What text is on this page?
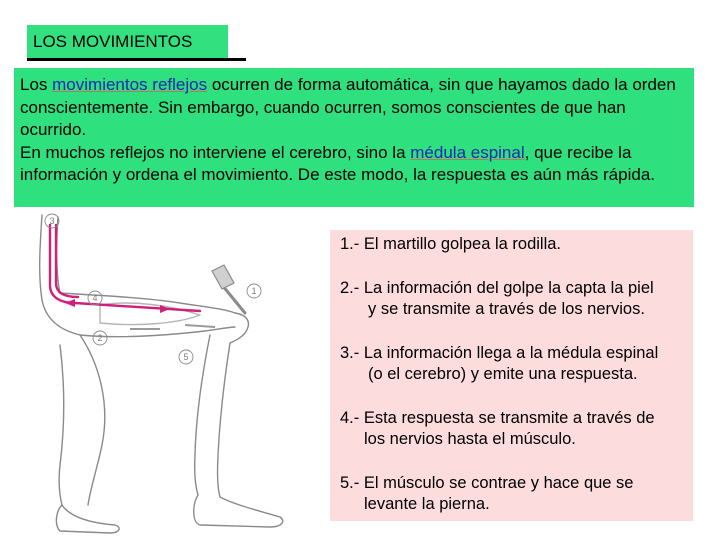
LOS MOVIMIENTOS
Los movimientos reflejos ocurren de forma automática, sin que hayamos dado la orden conscientemente. Sin embargo, cuando ocurren, somos conscientes de que han ocurrido.
En muchos reflejos no interviene el cerebro, sino la médula espinal, que recibe la información y ordena el movimiento. De este modo, la respuesta es aún más rápida.
3
4
1
2
5
1.- El martillo golpea la rodilla.
2.- La información del golpe la capta la piel
y se transmite a través de los nervios.
3.- La información llega a la médula espinal
(o el cerebro) y emite una respuesta.
4.- Esta respuesta se transmite a través de
los nervios hasta el músculo.
5.- El músculo se contrae y hace que se
levante la pierna.
